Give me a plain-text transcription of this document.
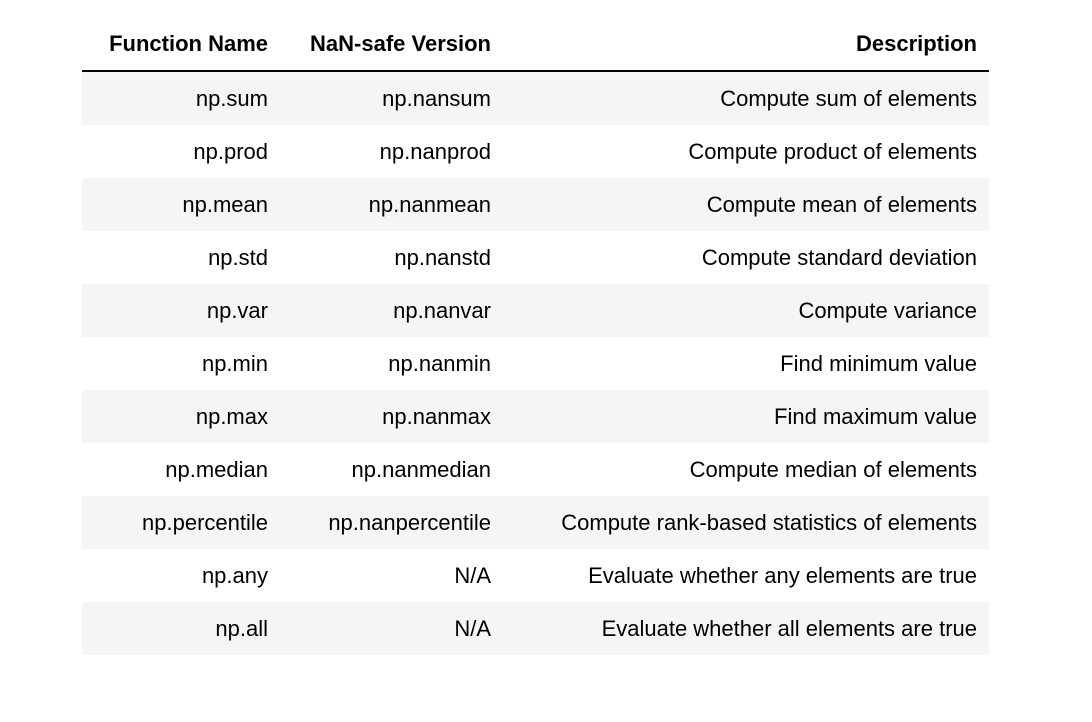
Function Name	NaN-safe Version	Description
np.sum	np.nansum	Compute sum of elements
np.prod	np.nanprod	Compute product of elements
np.mean	np.nanmean	Compute mean of elements
np.std	np.nanstd	Compute standard deviation
np.var	np.nanvar	Compute variance
np.min	np.nanmin	Find minimum value
np.max	np.nanmax	Find maximum value
np.median	np.nanmedian	Compute median of elements
np.percentile	np.nanpercentile	Compute rank-based statistics of elements
np.any	N/A	Evaluate whether any elements are true
np.all	N/A	Evaluate whether all elements are true
